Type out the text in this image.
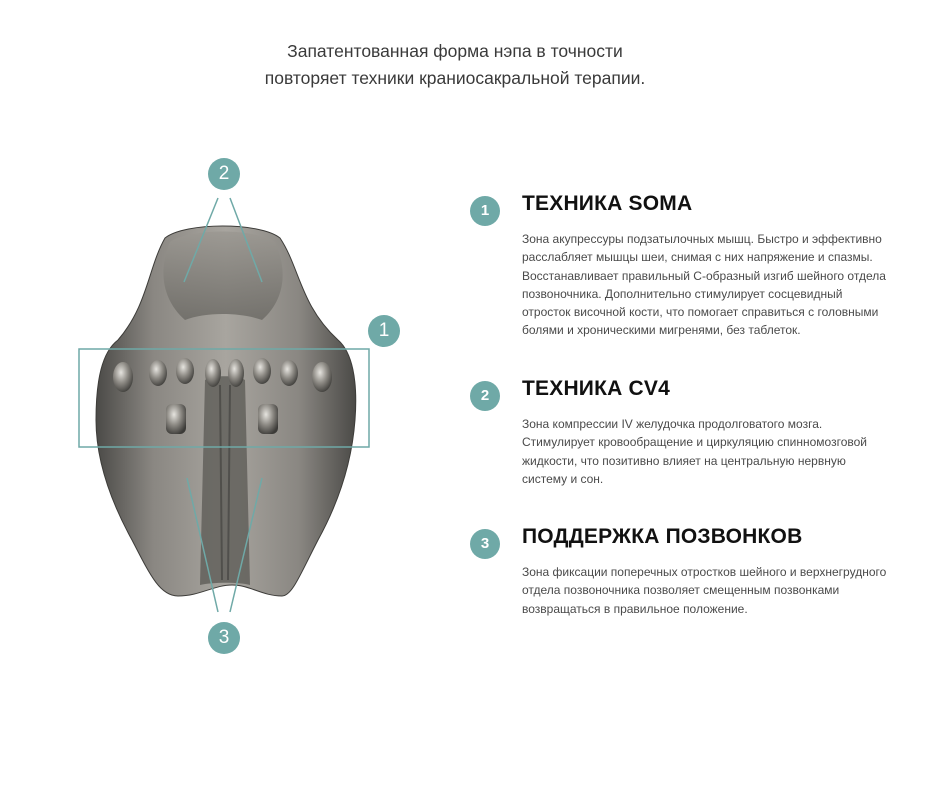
Запатентованная форма нэпа в точности
повторяет техники краниосакральной терапии.
2
1
3
1	ТЕХНИКА SOMA
Зона акупрессуры подзатылочных мышц. Быстро и эффективно
расслабляет мышцы шеи, снимая с них напряжение и спазмы.
Восстанавливает правильный С-образный изгиб шейного отдела
позвоночника. Дополнительно стимулирует сосцевидный
отросток височной кости, что помогает справиться с головными
болями и хроническими мигренями, без таблеток.
2	ТЕХНИКА CV4
Зона компрессии IV желудочка продолговатого мозга.
Стимулирует кровообращение и циркуляцию спинномозговой
жидкости, что позитивно влияет на центральную нервную
систему и сон.
3	ПОДДЕРЖКА ПОЗВОНКОВ
Зона фиксации поперечных отростков шейного и верхнегрудного
отдела позвоночника позволяет смещенным позвонками
возвращаться в правильное положение.
